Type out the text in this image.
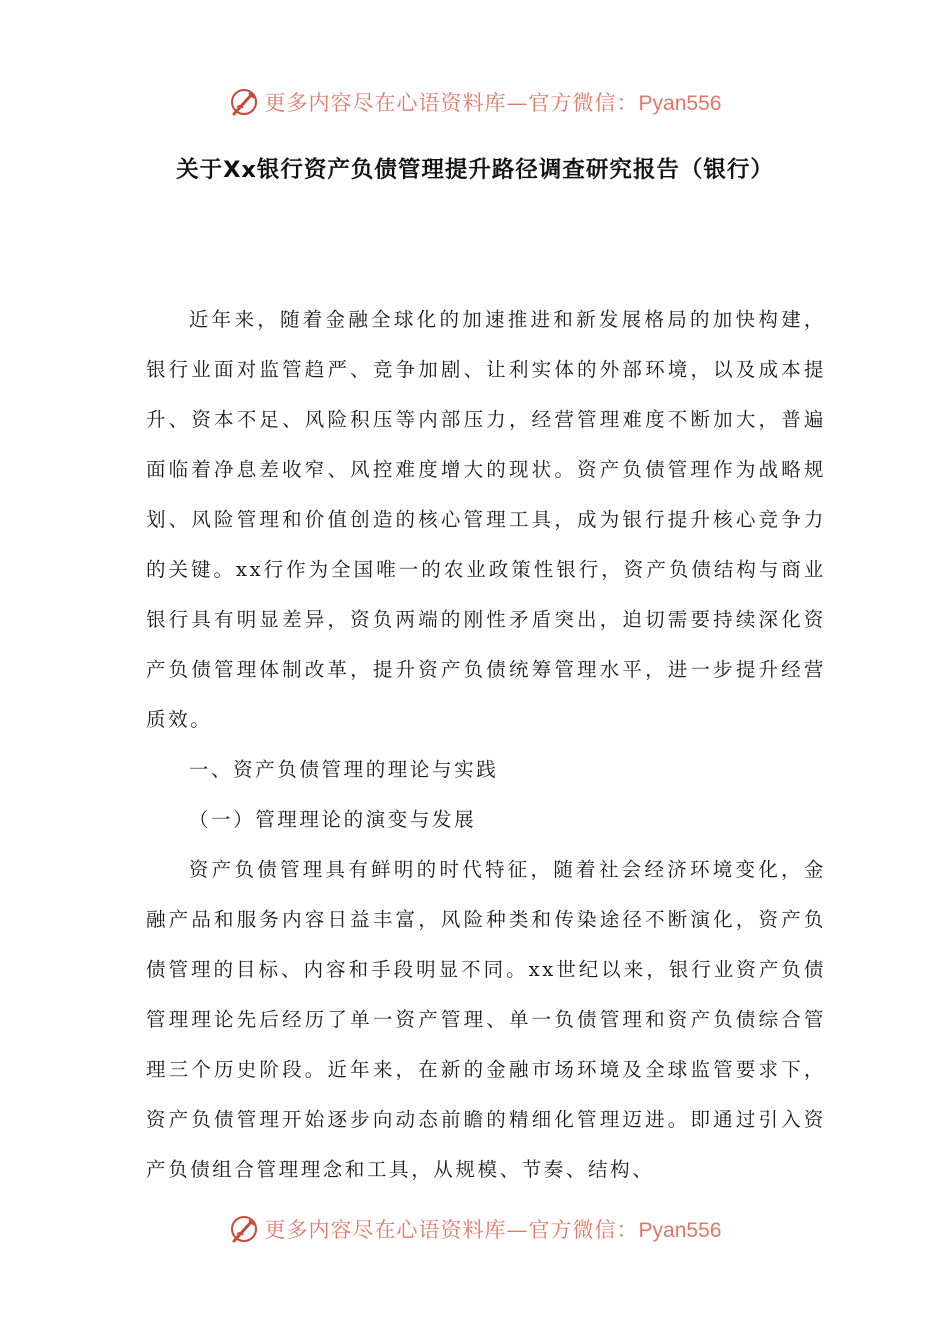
更多内容尽在心语资料库—官方微信：Pyan556
关于Xx银行资产负债管理提升路径调查研究报告（银行）

近年来，随着金融全球化的加速推进和新发展格局的加快构建，银行业面对监管趋严、竞争加剧、让利实体的外部环境，以及成本提升、资本不足、风险积压等内部压力，经营管理难度不断加大，普遍面临着净息差收窄、风控难度增大的现状。资产负债管理作为战略规划、风险管理和价值创造的核心管理工具，成为银行提升核心竞争力的关键。xx行作为全国唯一的农业政策性银行，资产负债结构与商业银行具有明显差异，资负两端的刚性矛盾突出，迫切需要持续深化资产负债管理体制改革，提升资产负债统筹管理水平，进一步提升经营质效。

一、资产负债管理的理论与实践

（一）管理理论的演变与发展

资产负债管理具有鲜明的时代特征，随着社会经济环境变化，金融产品和服务内容日益丰富，风险种类和传染途径不断演化，资产负债管理的目标、内容和手段明显不同。xx世纪以来，银行业资产负债管理理论先后经历了单一资产管理、单一负债管理和资产负债综合管理三个历史阶段。近年来，在新的金融市场环境及全球监管要求下，资产负债管理开始逐步向动态前瞻的精细化管理迈进。即通过引入资产负债组合管理理念和工具，从规模、节奏、结构、

更多内容尽在心语资料库—官方微信：Pyan556
